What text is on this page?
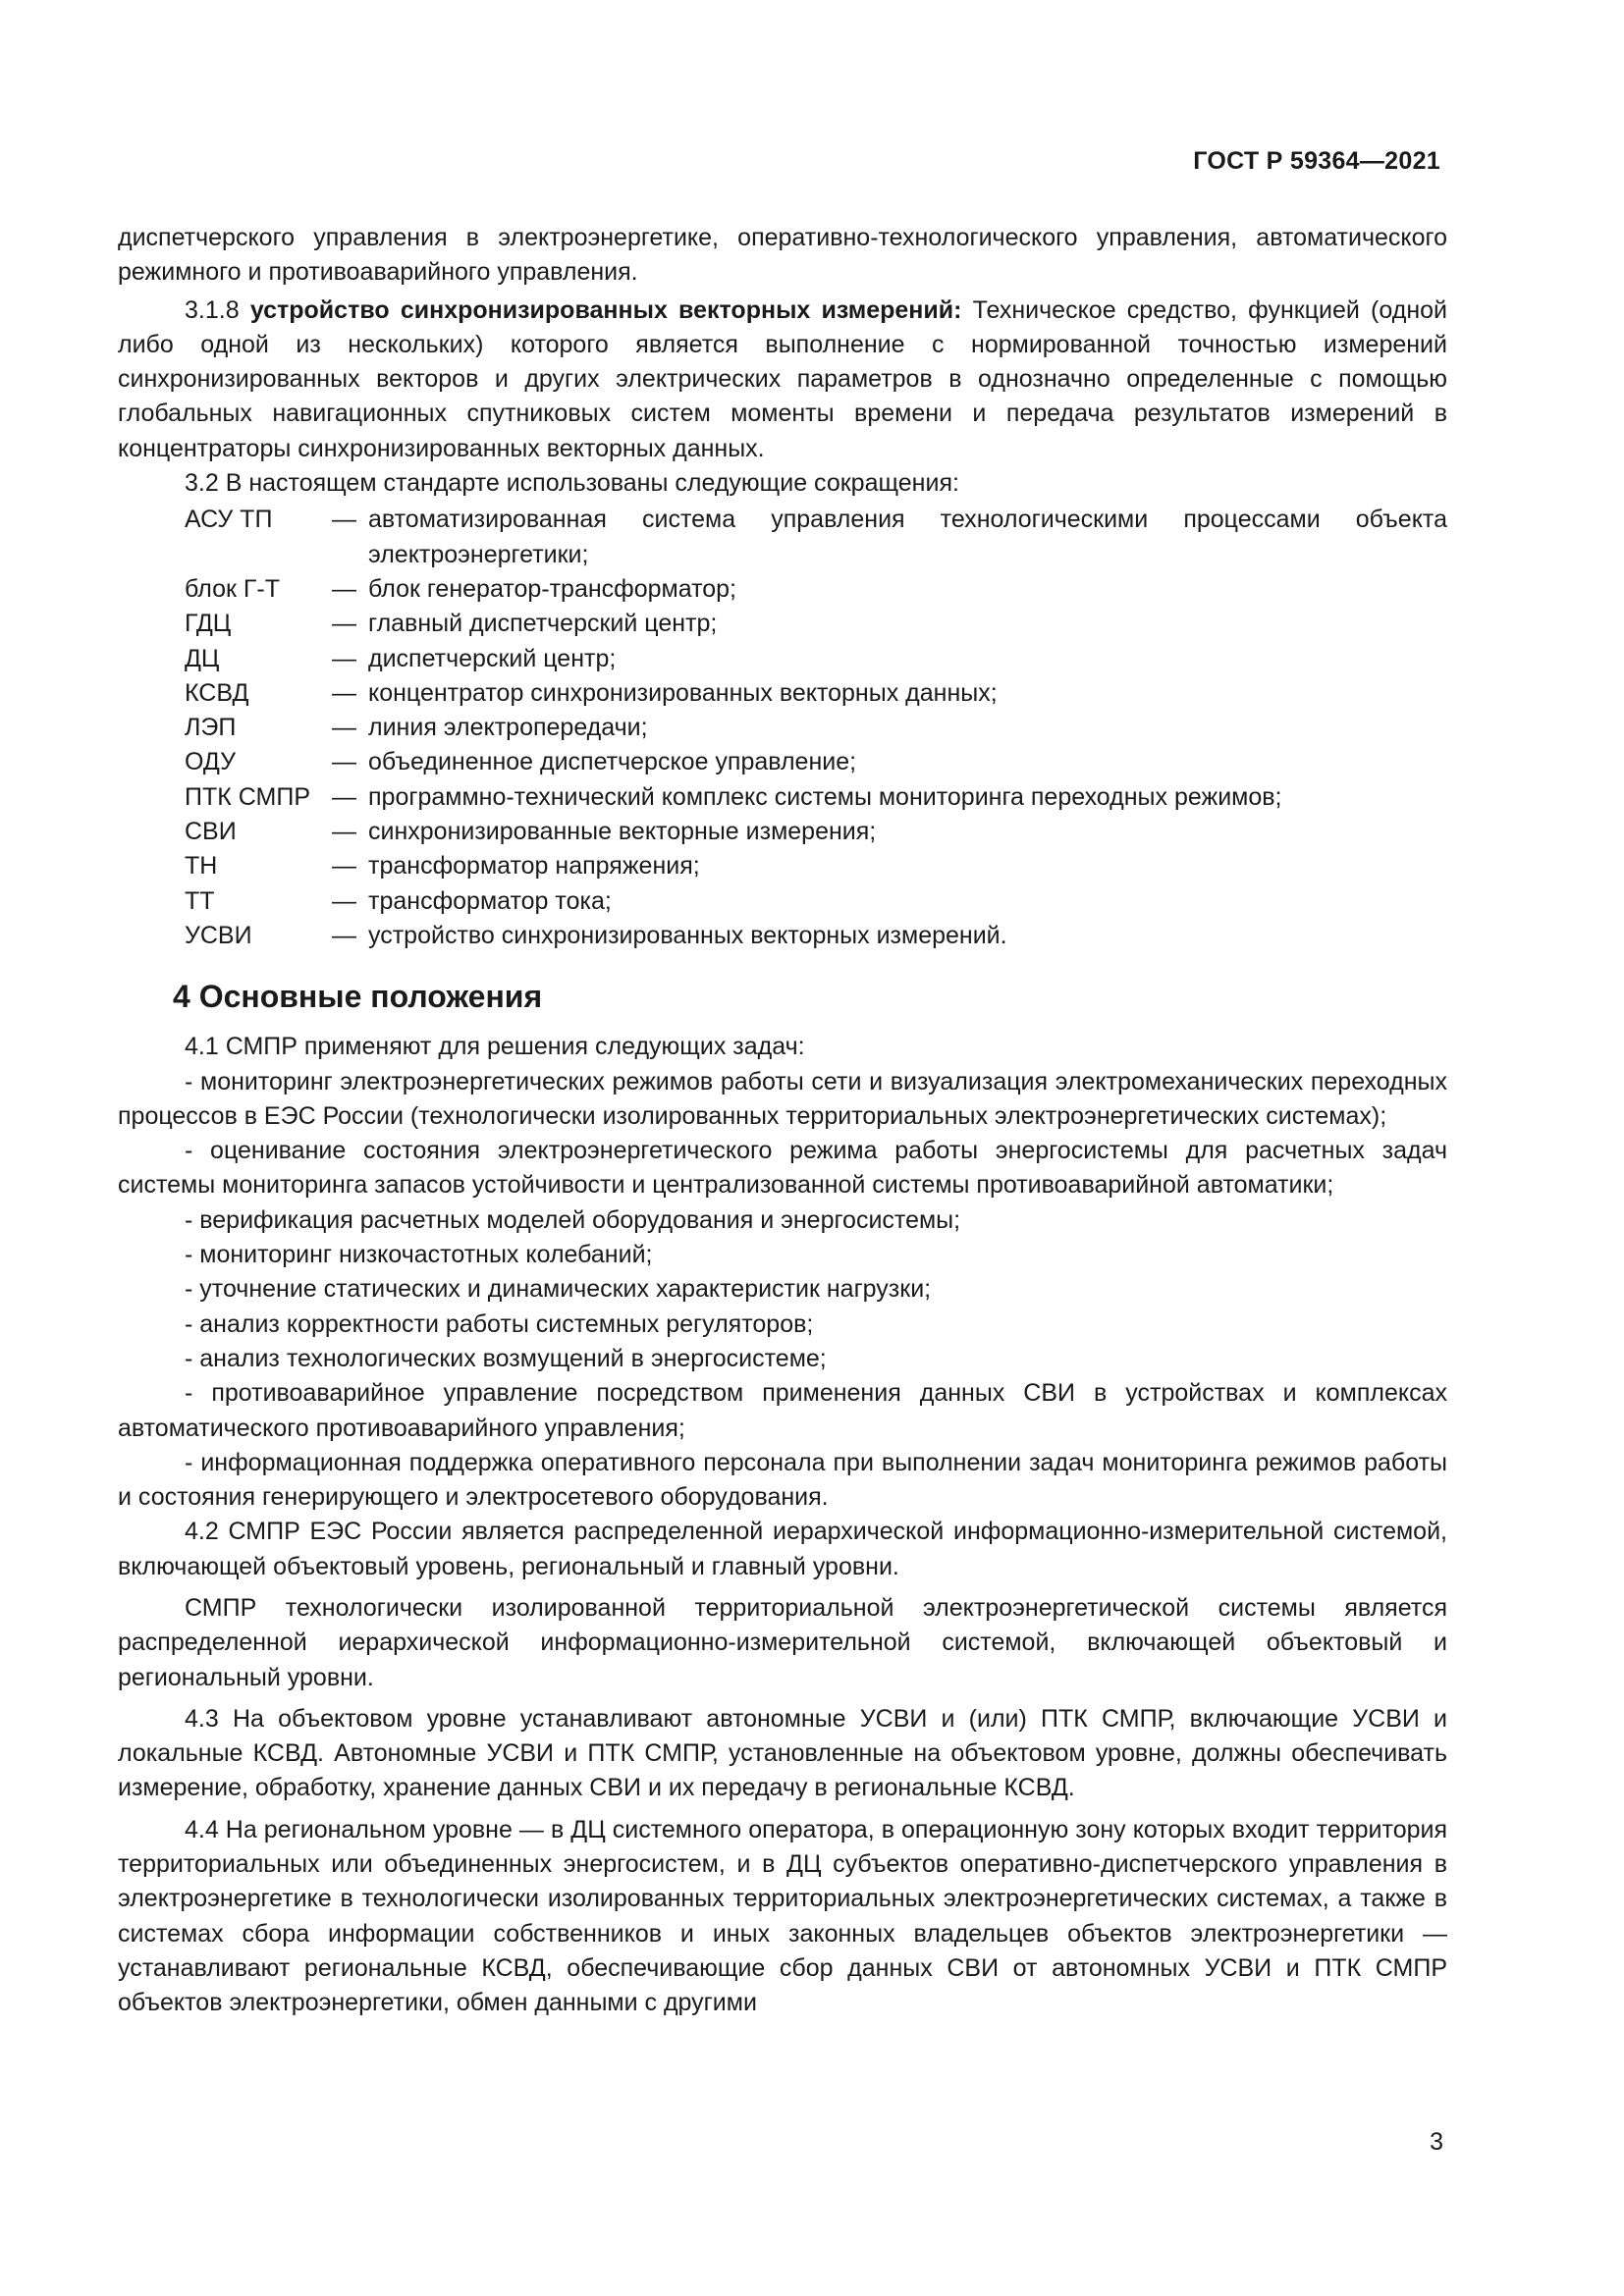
ГОСТ Р 59364—2021

диспетчерского управления в электроэнергетике, оперативно-технологического управления, автоматического режимного и противоаварийного управления.

3.1.8 устройство синхронизированных векторных измерений: Техническое средство, функцией (одной либо одной из нескольких) которого является выполнение с нормированной точностью измерений синхронизированных векторов и других электрических параметров в однозначно определенные с помощью глобальных навигационных спутниковых систем моменты времени и передача результатов измерений в концентраторы синхронизированных векторных данных.

3.2 В настоящем стандарте использованы следующие сокращения:

АСУ ТП	— автоматизированная система управления технологическими процессами объекта электроэнергетики;
блок Г-Т	— блок генератор-трансформатор;
ГДЦ	— главный диспетчерский центр;
ДЦ	— диспетчерский центр;
КСВД	— концентратор синхронизированных векторных данных;
ЛЭП	— линия электропередачи;
ОДУ	— объединенное диспетчерское управление;
ПТК СМПР — программно-технический комплекс системы мониторинга переходных режимов;
СВИ	— синхронизированные векторные измерения;
ТН	— трансформатор напряжения;
ТТ	— трансформатор тока;
УСВИ	— устройство синхронизированных векторных измерений.
4 Основные положения

4.1 СМПР применяют для решения следующих задач:

- мониторинг электроэнергетических режимов работы сети и визуализация электромеханических переходных процессов в ЕЭС России (технологически изолированных территориальных электроэнергетических системах);

- оценивание состояния электроэнергетического режима работы энергосистемы для расчетных задач системы мониторинга запасов устойчивости и централизованной системы противоаварийной автоматики;

- верификация расчетных моделей оборудования и энергосистемы;

- мониторинг низкочастотных колебаний;

- уточнение статических и динамических характеристик нагрузки;

- анализ корректности работы системных регуляторов;

- анализ технологических возмущений в энергосистеме;

- противоаварийное управление посредством применения данных СВИ в устройствах и комплексах автоматического противоаварийного управления;

- информационная поддержка оперативного персонала при выполнении задач мониторинга режимов работы и состояния генерирующего и электросетевого оборудования.

4.2 СМПР ЕЭС России является распределенной иерархической информационно-измерительной системой, включающей объектовый уровень, региональный и главный уровни.

СМПР технологически изолированной территориальной электроэнергетической системы является распределенной иерархической информационно-измерительной системой, включающей объектовый и региональный уровни.

4.3 На объектовом уровне устанавливают автономные УСВИ и (или) ПТК СМПР, включающие УСВИ и локальные КСВД. Автономные УСВИ и ПТК СМПР, установленные на объектовом уровне, должны обеспечивать измерение, обработку, хранение данных СВИ и их передачу в региональные КСВД.

4.4 На региональном уровне — в ДЦ системного оператора, в операционную зону которых входит территория территориальных или объединенных энергосистем, и в ДЦ субъектов оперативно-диспетчерского управления в электроэнергетике в технологически изолированных территориальных электроэнергетических системах, а также в системах сбора информации собственников и иных законных владельцев объектов электроэнергетики — устанавливают региональные КСВД, обеспечивающие сбор данных СВИ от автономных УСВИ и ПТК СМПР объектов электроэнергетики, обмен данными с другими

3
